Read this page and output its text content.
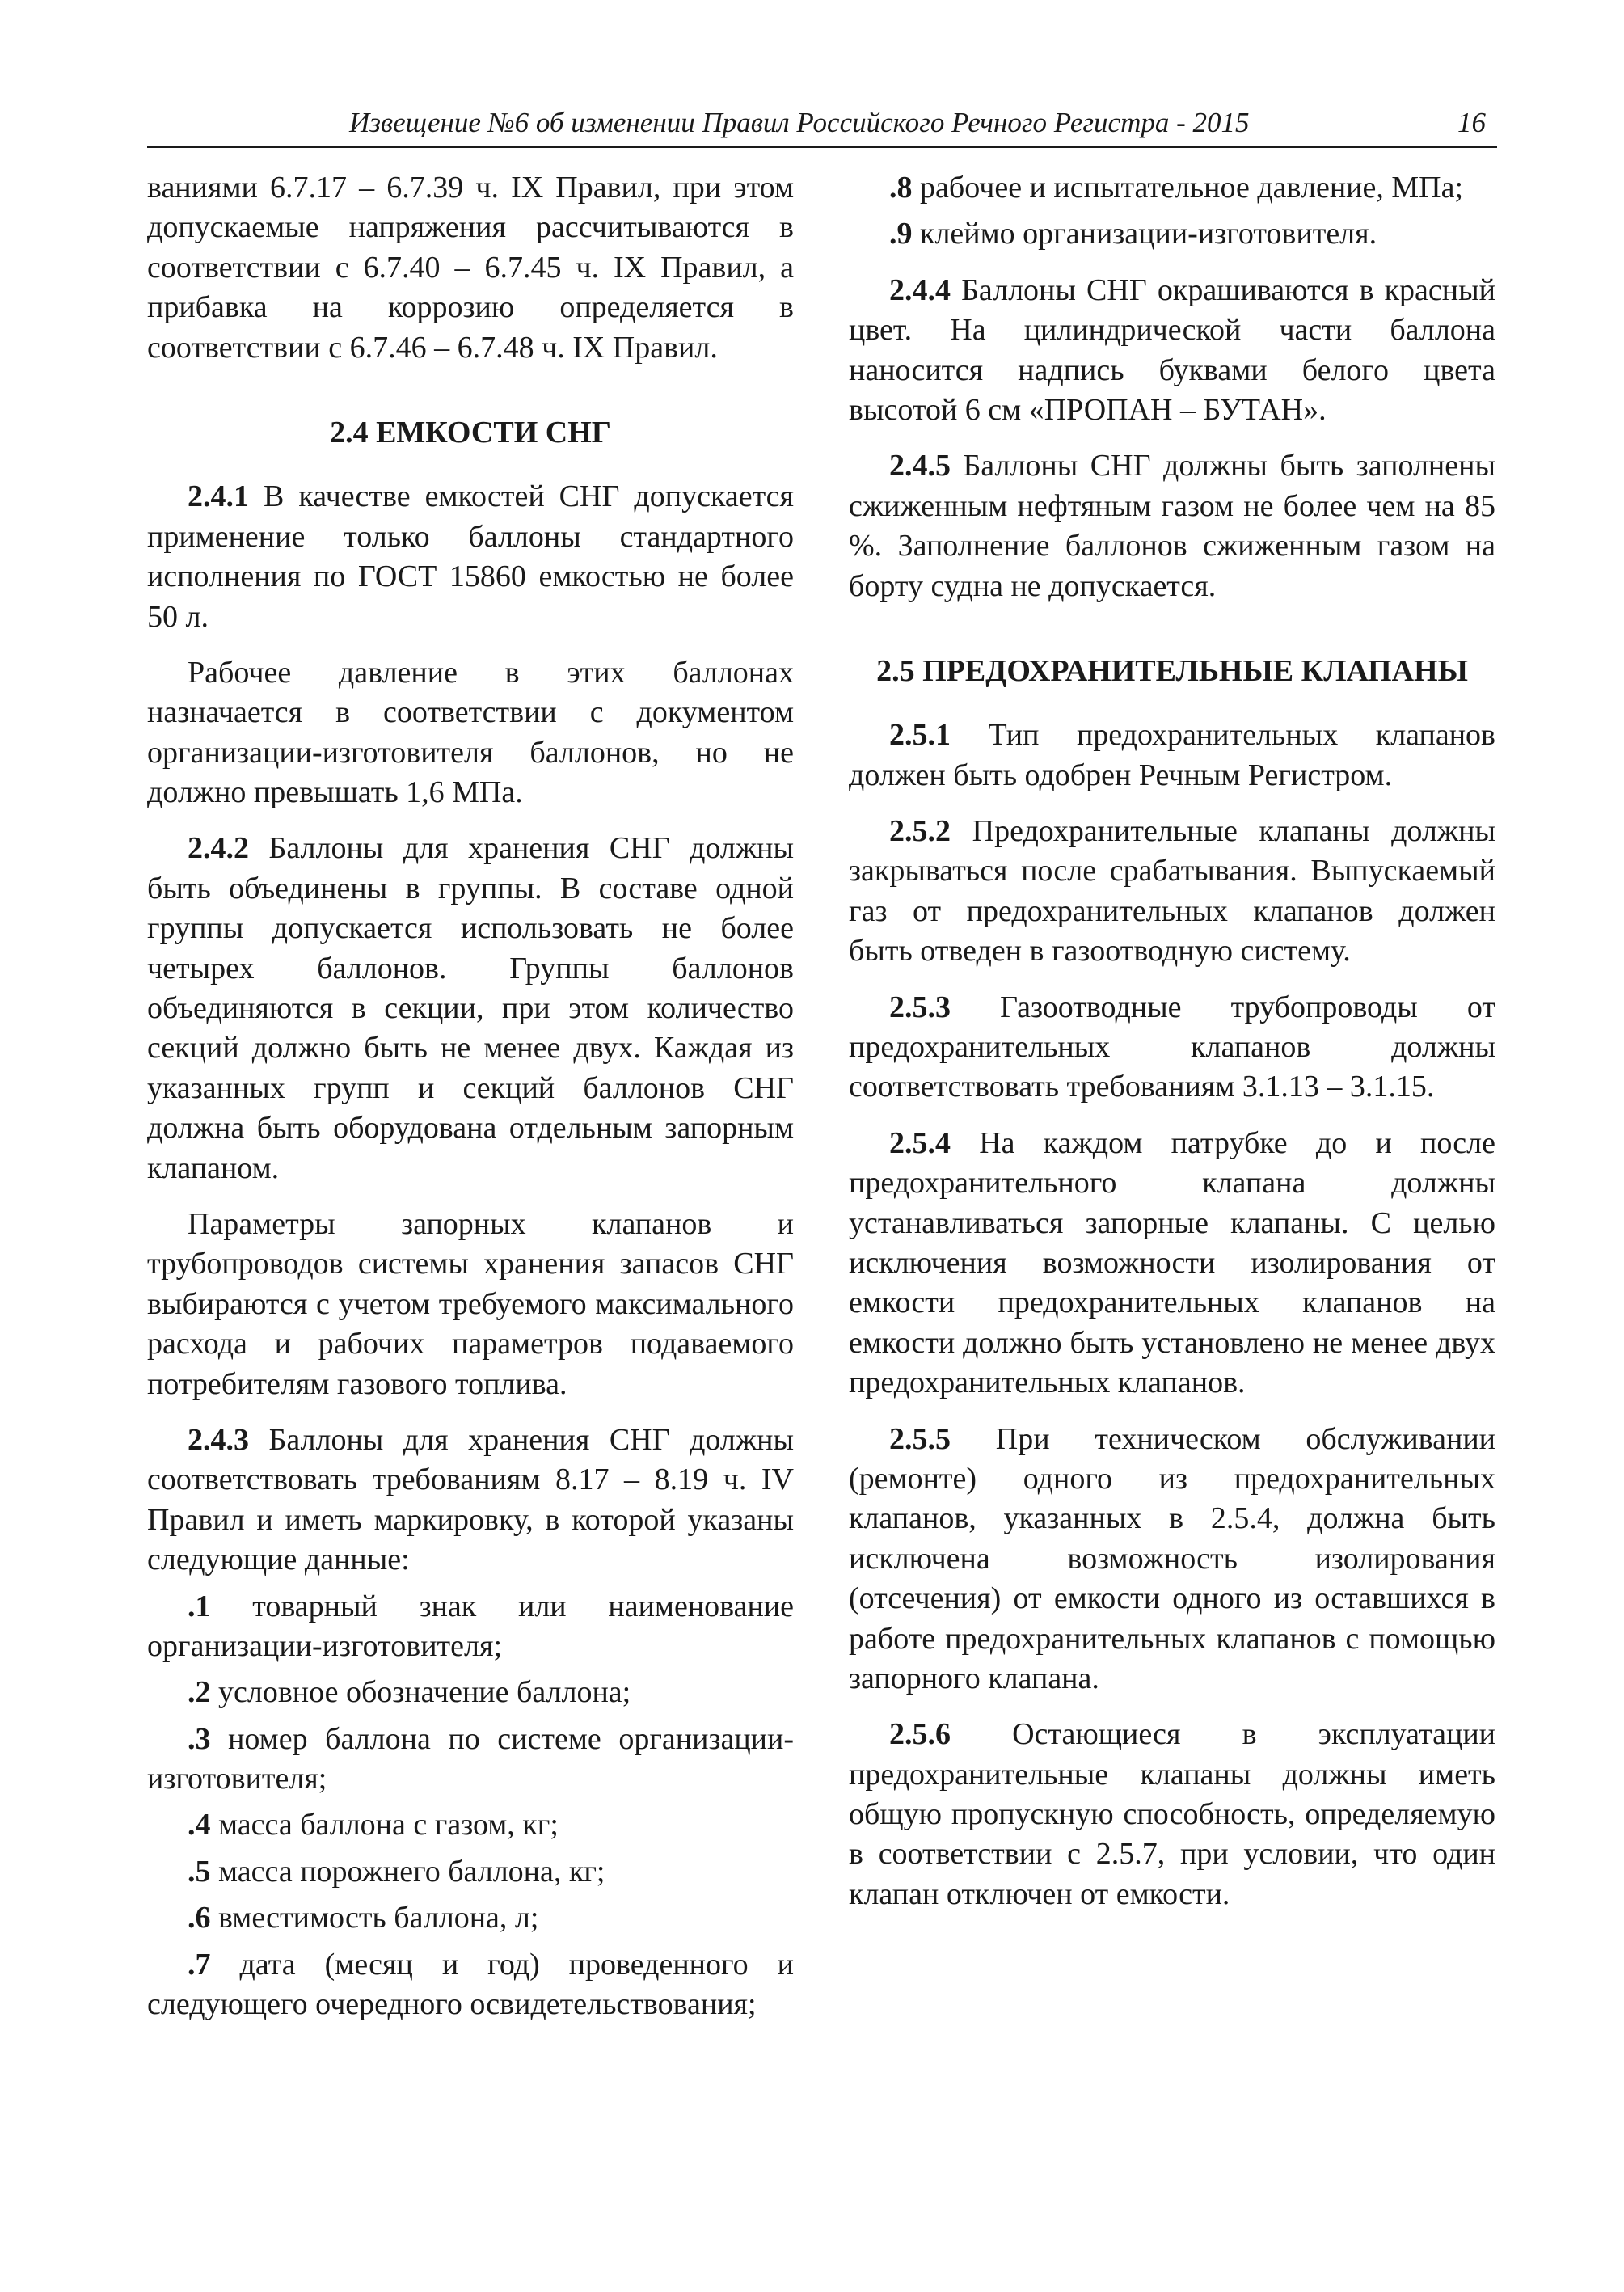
Извещение №6 об изменении Правил Российского Речного Регистра - 2015	16

ваниями 6.7.17 – 6.7.39 ч. IX Правил, при этом допускаемые напряжения рассчитываются в соответствии с 6.7.40 – 6.7.45 ч. IX Правил, а прибавка на коррозию определяется в соответствии с 6.7.46 – 6.7.48 ч. IX Правил.

2.4 ЕМКОСТИ СНГ

2.4.1 В качестве емкостей СНГ допускается применение только баллоны стандартного исполнения по ГОСТ 15860 емкостью не более 50 л.

Рабочее давление в этих баллонах назначается в соответствии с документом организации-изготовителя баллонов, но не должно превышать 1,6 МПа.

2.4.2 Баллоны для хранения СНГ должны быть объединены в группы. В составе одной группы допускается использовать не более четырех баллонов. Группы баллонов объединяются в секции, при этом количество секций должно быть не менее двух. Каждая из указанных групп и секций баллонов СНГ должна быть оборудована отдельным запорным клапаном.

Параметры запорных клапанов и трубопроводов системы хранения запасов СНГ выбираются с учетом требуемого максимального расхода и рабочих параметров подаваемого потребителям газового топлива.

2.4.3 Баллоны для хранения СНГ должны соответствовать требованиям 8.17 – 8.19 ч. IV Правил и иметь маркировку, в которой указаны следующие данные:

.1 товарный знак или наименование организации-изготовителя;

.2 условное обозначение баллона;

.3 номер баллона по системе организации-изготовителя;

.4 масса баллона с газом, кг;

.5 масса порожнего баллона, кг;

.6 вместимость баллона, л;

.7 дата (месяц и год) проведенного и следующего очередного освидетельствования;

.8 рабочее и испытательное давление, МПа;

.9 клеймо организации-изготовителя.

2.4.4 Баллоны СНГ окрашиваются в красный цвет. На цилиндрической части баллона наносится надпись буквами белого цвета высотой 6 см «ПРОПАН – БУТАН».

2.4.5 Баллоны СНГ должны быть заполнены сжиженным нефтяным газом не более чем на 85 %. Заполнение баллонов сжиженным газом на борту судна не допускается.

2.5 ПРЕДОХРАНИТЕЛЬНЫЕ КЛАПАНЫ

2.5.1 Тип предохранительных клапанов должен быть одобрен Речным Регистром.

2.5.2 Предохранительные клапаны должны закрываться после срабатывания. Выпускаемый газ от предохранительных клапанов должен быть отведен в газоотводную систему.

2.5.3 Газоотводные трубопроводы от предохранительных клапанов должны соответствовать требованиям 3.1.13 – 3.1.15.

2.5.4 На каждом патрубке до и после предохранительного клапана должны устанавливаться запорные клапаны. С целью исключения возможности изолирования от емкости предохранительных клапанов на емкости должно быть установлено не менее двух предохранительных клапанов.

2.5.5 При техническом обслуживании (ремонте) одного из предохранительных клапанов, указанных в 2.5.4, должна быть исключена возможность изолирования (отсечения) от емкости одного из оставшихся в работе предохранительных клапанов с помощью запорного клапана.

2.5.6 Остающиеся в эксплуатации предохранительные клапаны должны иметь общую пропускную способность, определяемую в соответствии с 2.5.7, при условии, что один клапан отключен от емкости.
